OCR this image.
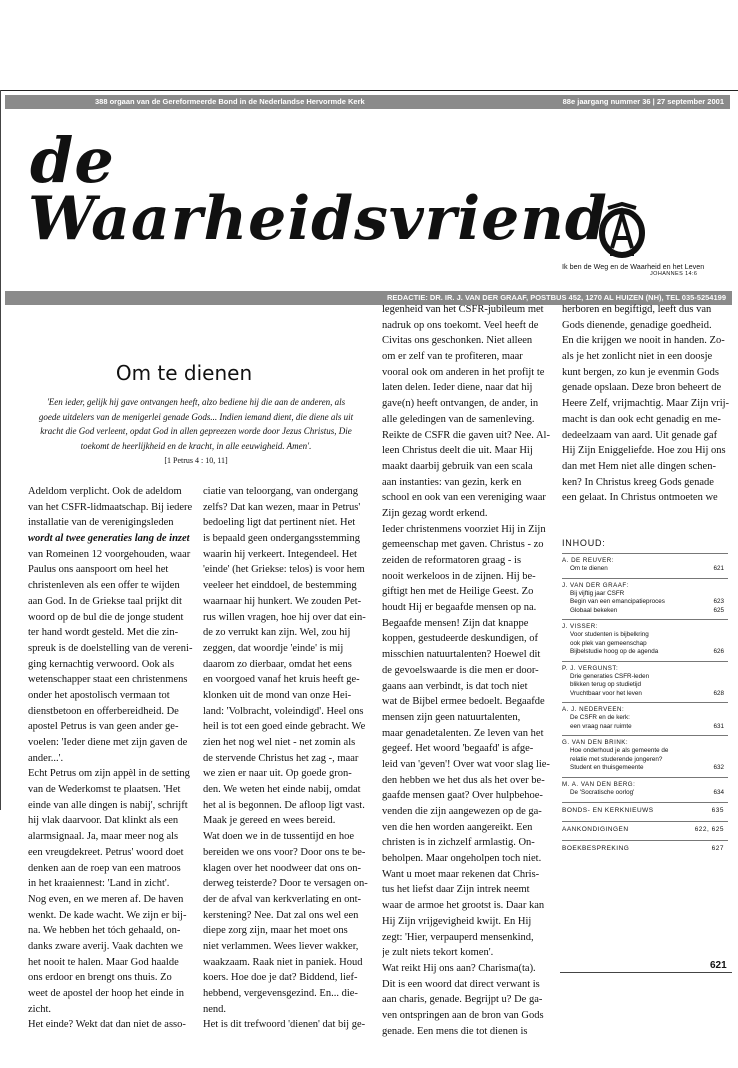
388 orgaan van de Gereformeerde Bond in de Nederlandse Hervormde Kerk	88e jaargang nummer 36 | 27 september 2001
de
Waarheidsvriend
Ik ben de Weg en de Waarheid en het Leven
JOHANNES 14:6
REDACTIE: DR. IR. J. VAN DER GRAAF, POSTBUS 452, 1270 AL HUIZEN (NH), TEL 035-5254199
Om te dienen
'Een ieder, gelijk hij gave ontvangen heeft, alzo bediene hij die aan de anderen, als
goede uitdelers van de menigerlei genade Gods... Indien iemand dient, die diene als uit
kracht die God verleent, opdat God in allen gepreezen worde door Jezus Christus, Die
toekomt de heerlijkheid en de kracht, in alle eeuwigheid. Amen'.
[1 Petrus 4 : 10, 11]
Adeldom verplicht. Ook de adeldom
van het CSFR-lidmaatschap. Bij iedere
installatie van de verenigingsleden
wordt al twee generaties lang de inzet
van Romeinen 12 voorgehouden, waar
Paulus ons aanspoort om heel het
christenleven als een offer te wijden
aan God. In de Griekse taal prijkt dit
woord op de bul die de jonge student
ter hand wordt gesteld. Met die zin-
spreuk is de doelstelling van de vereni-
ging kernachtig verwoord. Ook als
wetenschapper staat een christenmens
onder het apostolisch vermaan tot
dienstbetoon en offerbereidheid. De
apostel Petrus is van geen ander ge-
voelen: 'Ieder diene met zijn gaven de
ander...'.
Echt Petrus om zijn appèl in de setting
van de Wederkomst te plaatsen. 'Het
einde van alle dingen is nabij', schrijft
hij vlak daarvoor. Dat klinkt als een
alarmsignaal. Ja, maar meer nog als
een vreugdekreet. Petrus' woord doet
denken aan de roep van een matroos
in het kraaiennest: 'Land in zicht'.
Nog even, en we meren af. De haven
wenkt. De kade wacht. We zijn er bij-
na. We hebben het tóch gehaald, on-
danks zware averij. Vaak dachten we
het nooit te halen. Maar God haalde
ons erdoor en brengt ons thuis. Zo
weet de apostel der hoop het einde in
zicht.
Het einde? Wekt dat dan niet de asso-
ciatie van teloorgang, van ondergang
zelfs? Dat kan wezen, maar in Petrus'
bedoeling ligt dat pertinent níet. Het
is bepaald geen ondergangsstemming
waarin hij verkeert. Integendeel. Het
'einde' (het Griekse: telos) is voor hem
veeleer het einddoel, de bestemming
waarnaar hij hunkert. We zouden Pet-
rus willen vragen, hoe hij over dat ein-
de zo verrukt kan zijn. Wel, zou hij
zeggen, dat woordje 'einde' is mij
daarom zo dierbaar, omdat het eens
en voorgoed vanaf het kruis heeft ge-
klonken uit de mond van onze Hei-
land: 'Volbracht, voleindigd'. Heel ons
heil is tot een goed einde gebracht. We
zien het nog wel niet - net zomin als
de stervende Christus het zag -, maar
we zien er naar uit. Op goede gron-
den. We weten het einde nabij, omdat
het al is begonnen. De afloop ligt vast.
Maak je gereed en wees bereid.
Wat doen we in de tussentijd en hoe
bereiden we ons voor? Door ons te be-
klagen over het noodweer dat ons on-
derweg teisterde? Door te versagen on-
der de afval van kerkverlating en ont-
kerstening? Nee. Dat zal ons wel een
diepe zorg zijn, maar het moet ons
niet verlammen. Wees liever wakker,
waakzaam. Raak niet in paniek. Houd
koers. Hoe doe je dat? Biddend, lief-
hebbend, vergevensgezind. En... die-
nend.
Het is dit trefwoord 'dienen' dat bij ge-
legenheid van het CSFR-jubileum met
nadruk op ons toekomt. Veel heeft de
Civitas ons geschonken. Niet alleen
om er zelf van te profiteren, maar
vooral ook om anderen in het profijt te
laten delen. Ieder diene, naar dat hij
gave(n) heeft ontvangen, de ander, in
alle geledingen van de samenleving.
Reikte de CSFR die gaven uit? Nee. Al-
leen Christus deelt die uit. Maar Hij
maakt daarbij gebruik van een scala
aan instanties: van gezin, kerk en
school en ook van een vereniging waar
Zijn gezag wordt erkend.
Ieder christenmens voorziet Hij in Zijn
gemeenschap met gaven. Christus - zo
zeiden de reformatoren graag - is
nooit werkeloos in de zijnen. Hij be-
giftigt hen met de Heilige Geest. Zo
houdt Hij er begaafde mensen op na.
Begaafde mensen! Zijn dat knappe
koppen, gestudeerde deskundigen, of
misschien natuurtalenten? Hoewel dit
de gevoelswaarde is die men er door-
gaans aan verbindt, is dat toch niet
wat de Bijbel ermee bedoelt. Begaafde
mensen zijn geen natuurtalenten,
maar genadetalenten. Ze leven van het
gegeef. Het woord 'begaafd' is afge-
leid van 'geven'! Over wat voor slag lie-
den hebben we het dus als het over be-
gaafde mensen gaat? Over hulpbehoe-
venden die zijn aangewezen op de ga-
ven die hen worden aangereikt. Een
christen is in zichzelf armlastig. On-
beholpen. Maar ongeholpen toch niet.
Want u moet maar rekenen dat Chris-
tus het liefst daar Zijn intrek neemt
waar de armoe het grootst is. Daar kan
Hij Zijn vrijgevigheid kwijt. En Hij
zegt: 'Hier, verpauperd mensenkind,
je zult niets tekort komen'.
Wat reikt Hij ons aan? Charisma(ta).
Dit is een woord dat direct verwant is
aan charis, genade. Begrijpt u? De ga-
ven ontspringen aan de bron van Gods
genade. Een mens die tot dienen is
herboren en begiftigd, leeft dus van
Gods dienende, genadige goedheid.
En die krijgen we nooit in handen. Zo-
als je het zonlicht niet in een doosje
kunt bergen, zo kun je evenmin Gods
genade opslaan. Deze bron beheert de
Heere Zelf, vrijmachtig. Maar Zijn vrij-
macht is dan ook echt genadig en me-
dedeelzaam van aard. Uit genade gaf
Hij Zijn Eniggeliefde. Hoe zou Hij ons
dan met Hem niet alle dingen schen-
ken? In Christus kreeg Gods genade
een gelaat. In Christus ontmoeten we
INHOUD:
A. DE REUVER:
Om te dienen	621
J. VAN DER GRAAF:
Bij vijftig jaar CSFR
Begin van een emancipatieproces	623
Globaal bekeken	625
J. VISSER:
Voor studenten is bijbelkring
ook plek van gemeenschap
Bijbelstudie hoog op de agenda	626
P. J. VERGUNST:
Drie generaties CSFR-leden
blikken terug op studietijd
Vruchtbaar voor het leven	628
A. J. NEDERVEEN:
De CSFR en de kerk:
een vraag naar ruimte	631
G. VAN DEN BRINK:
Hoe onderhoud je als gemeente de
relatie met studerende jongeren?
Student en thuisgemeente	632
M. A. VAN DEN BERG:
De 'Socratische oorlog'	634
BONDS- EN KERKNIEUWS	635
AANKONDIGINGEN	622, 625
BOEKBESPREKING	627
621
